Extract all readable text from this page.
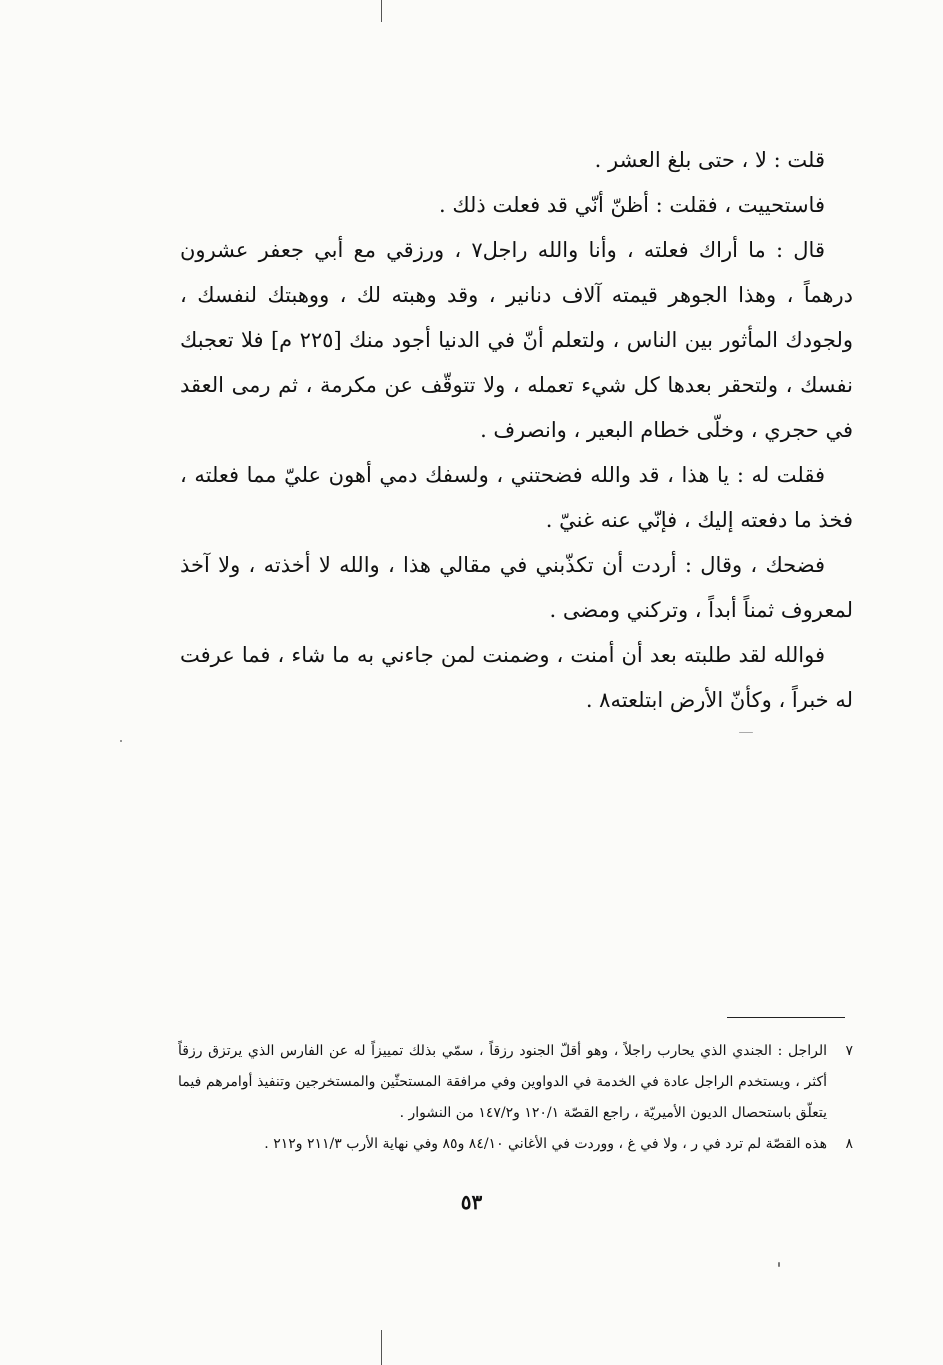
قلت : لا ، حتى بلغ العشر .

فاستحييت ، فقلت : أظنّ أنّي قد فعلت ذلك .

قال : ما أراك فعلته ، وأنا والله راجل٧ ، ورزقي مع أبي جعفر عشرون درهماً ، وهذا الجوهر قيمته آلاف دنانير ، وقد وهبته لك ، ووهبتك لنفسك ، ولجودك المأثور بين الناس ، ولتعلم أنّ في الدنيا أجود منك [٢٢٥ م] فلا تعجبك نفسك ، ولتحقر بعدها كل شيء تعمله ، ولا تتوقّف عن مكرمة ، ثم رمى العقد في حجري ، وخلّى خطام البعير ، وانصرف .

فقلت له : يا هذا ، قد والله فضحتني ، ولسفك دمي أهون عليّ مما فعلته ، فخذ ما دفعته إليك ، فإنّي عنه غنيّ .

فضحك ، وقال : أردت أن تكذّبني في مقالي هذا ، والله لا أخذته ، ولا آخذ لمعروف ثمناً أبداً ، وتركني ومضى .

فوالله لقد طلبته بعد أن أمنت ، وضمنت لمن جاءني به ما شاء ، فما عرفت له خبراً ، وكأنّ الأرض ابتلعته٨ .

٧
الراجل : الجندي الذي يحارب راجلاً ، وهو أقلّ الجنود رزقاً ، سمّي بذلك تمييزاً له عن الفارس الذي يرتزق رزقاً أكثر ، ويستخدم الراجل عادة في الخدمة في الدواوين وفي مرافقة المستحثّين والمستخرجين وتنفيذ أوامرهم فيما يتعلّق باستحصال الديون الأميريّة ، راجع القصّة ١٢٠/١ و١٤٧/٢ من النشوار .
٨
هذه القصّة لم ترد في ر ، ولا في غ ، ووردت في الأغاني ٨٤/١٠ و٨٥ وفي نهاية الأرب ٢١١/٣ و٢١٢ .
٥٣
